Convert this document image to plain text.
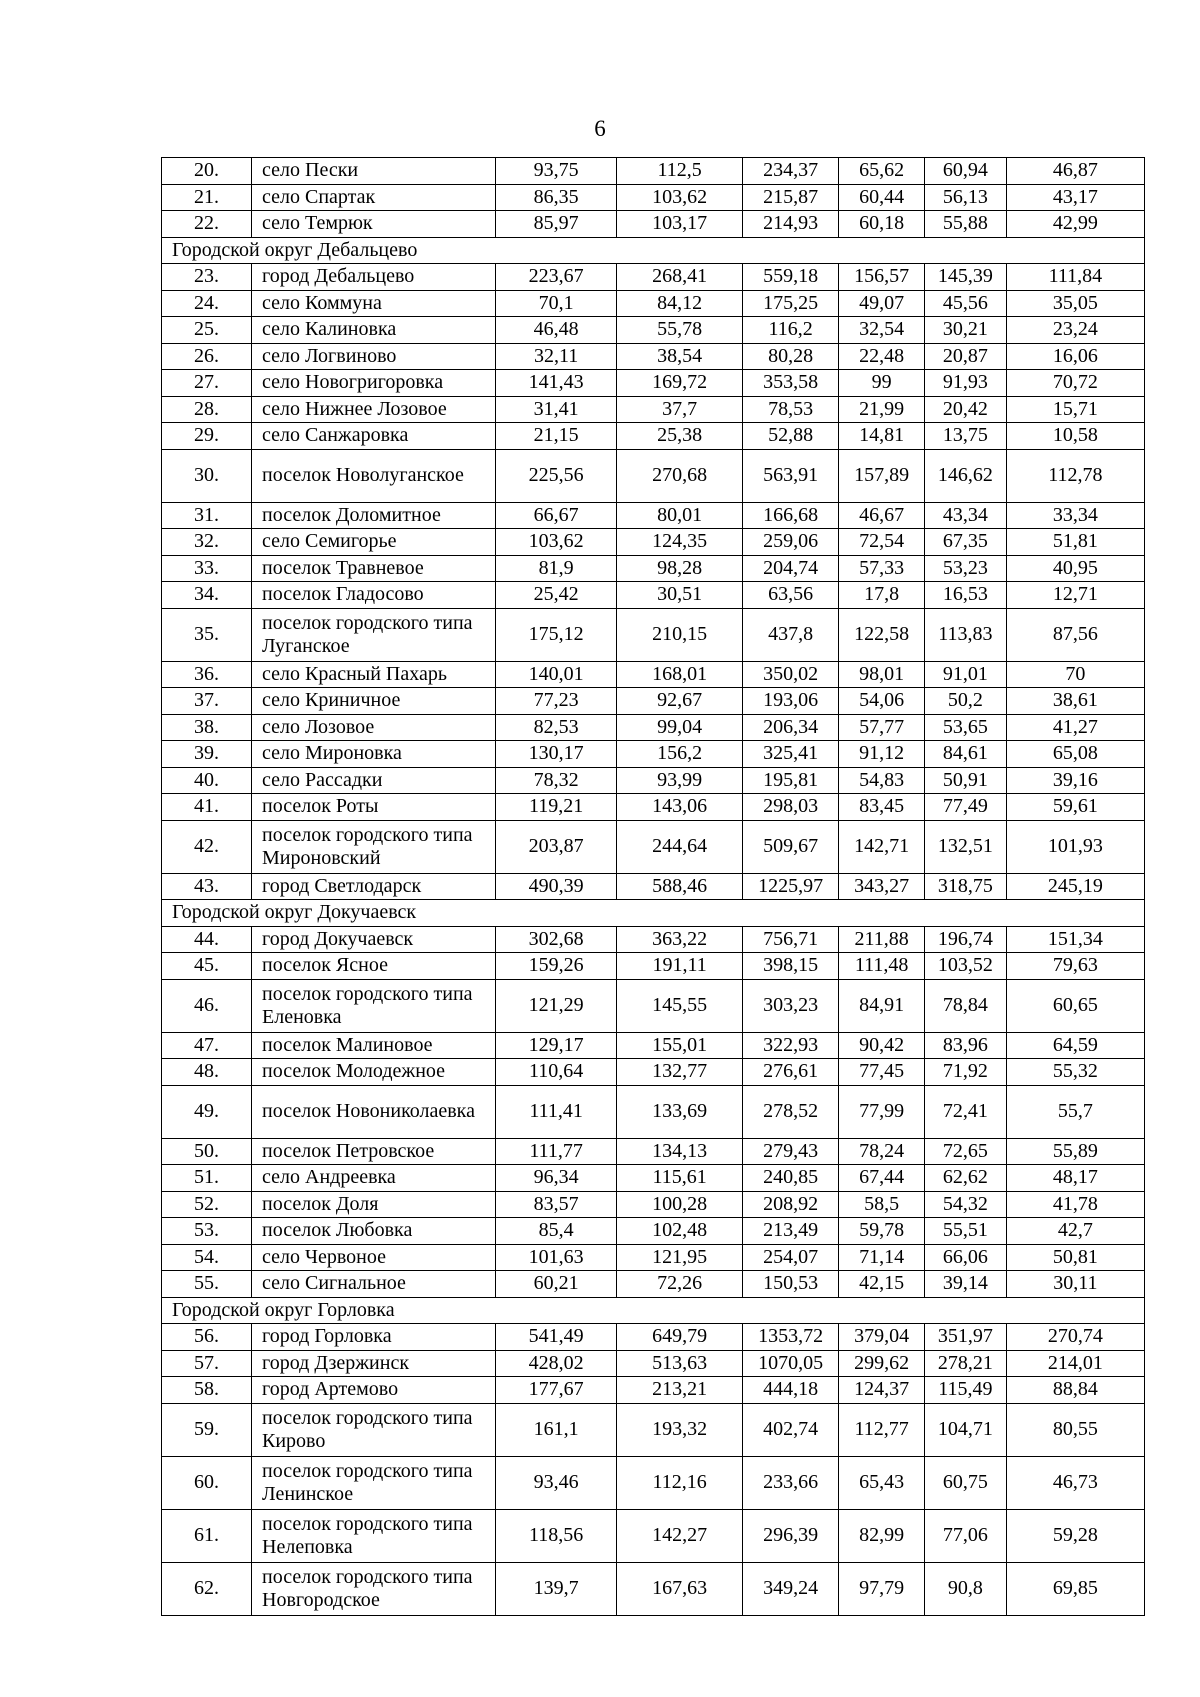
6
20.	село Пески	93,75	112,5	234,37	65,62	60,94	46,87
21.	село Спартак	86,35	103,62	215,87	60,44	56,13	43,17
22.	село Темрюк	85,97	103,17	214,93	60,18	55,88	42,99
Городской округ Дебальцево							
23.	город Дебальцево	223,67	268,41	559,18	156,57	145,39	111,84
24.	село Коммуна	70,1	84,12	175,25	49,07	45,56	35,05
25.	село Калиновка	46,48	55,78	116,2	32,54	30,21	23,24
26.	село Логвиново	32,11	38,54	80,28	22,48	20,87	16,06
27.	село Новогригоровка	141,43	169,72	353,58	99	91,93	70,72
28.	село Нижнее Лозовое	31,41	37,7	78,53	21,99	20,42	15,71
29.	село Санжаровка	21,15	25,38	52,88	14,81	13,75	10,58
30.	поселок Новолуганское	225,56	270,68	563,91	157,89	146,62	112,78
31.	поселок Доломитное	66,67	80,01	166,68	46,67	43,34	33,34
32.	село Семигорье	103,62	124,35	259,06	72,54	67,35	51,81
33.	поселок Травневое	81,9	98,28	204,74	57,33	53,23	40,95
34.	поселок Гладосово	25,42	30,51	63,56	17,8	16,53	12,71
35.	поселок городского типа Луганское	175,12	210,15	437,8	122,58	113,83	87,56
36.	село Красный Пахарь	140,01	168,01	350,02	98,01	91,01	70
37.	село Криничное	77,23	92,67	193,06	54,06	50,2	38,61
38.	село Лозовое	82,53	99,04	206,34	57,77	53,65	41,27
39.	село Мироновка	130,17	156,2	325,41	91,12	84,61	65,08
40.	село Рассадки	78,32	93,99	195,81	54,83	50,91	39,16
41.	поселок Роты	119,21	143,06	298,03	83,45	77,49	59,61
42.	поселок городского типа Мироновский	203,87	244,64	509,67	142,71	132,51	101,93
43.	город Светлодарск	490,39	588,46	1225,97	343,27	318,75	245,19
Городской округ Докучаевск							
44.	город Докучаевск	302,68	363,22	756,71	211,88	196,74	151,34
45.	поселок Ясное	159,26	191,11	398,15	111,48	103,52	79,63
46.	поселок городского типа Еленовка	121,29	145,55	303,23	84,91	78,84	60,65
47.	поселок Малиновое	129,17	155,01	322,93	90,42	83,96	64,59
48.	поселок Молодежное	110,64	132,77	276,61	77,45	71,92	55,32
49.	поселок Новониколаевка	111,41	133,69	278,52	77,99	72,41	55,7
50.	поселок Петровское	111,77	134,13	279,43	78,24	72,65	55,89
51.	село Андреевка	96,34	115,61	240,85	67,44	62,62	48,17
52.	поселок Доля	83,57	100,28	208,92	58,5	54,32	41,78
53.	поселок Любовка	85,4	102,48	213,49	59,78	55,51	42,7
54.	село Червоное	101,63	121,95	254,07	71,14	66,06	50,81
55.	село Сигнальное	60,21	72,26	150,53	42,15	39,14	30,11
Городской округ Горловка							
56.	город Горловка	541,49	649,79	1353,72	379,04	351,97	270,74
57.	город Дзержинск	428,02	513,63	1070,05	299,62	278,21	214,01
58.	город Артемово	177,67	213,21	444,18	124,37	115,49	88,84
59.	поселок городского типа Кирово	161,1	193,32	402,74	112,77	104,71	80,55
60.	поселок городского типа Ленинское	93,46	112,16	233,66	65,43	60,75	46,73
61.	поселок городского типа Нелеповка	118,56	142,27	296,39	82,99	77,06	59,28
62.	поселок городского типа Новгородское	139,7	167,63	349,24	97,79	90,8	69,85
